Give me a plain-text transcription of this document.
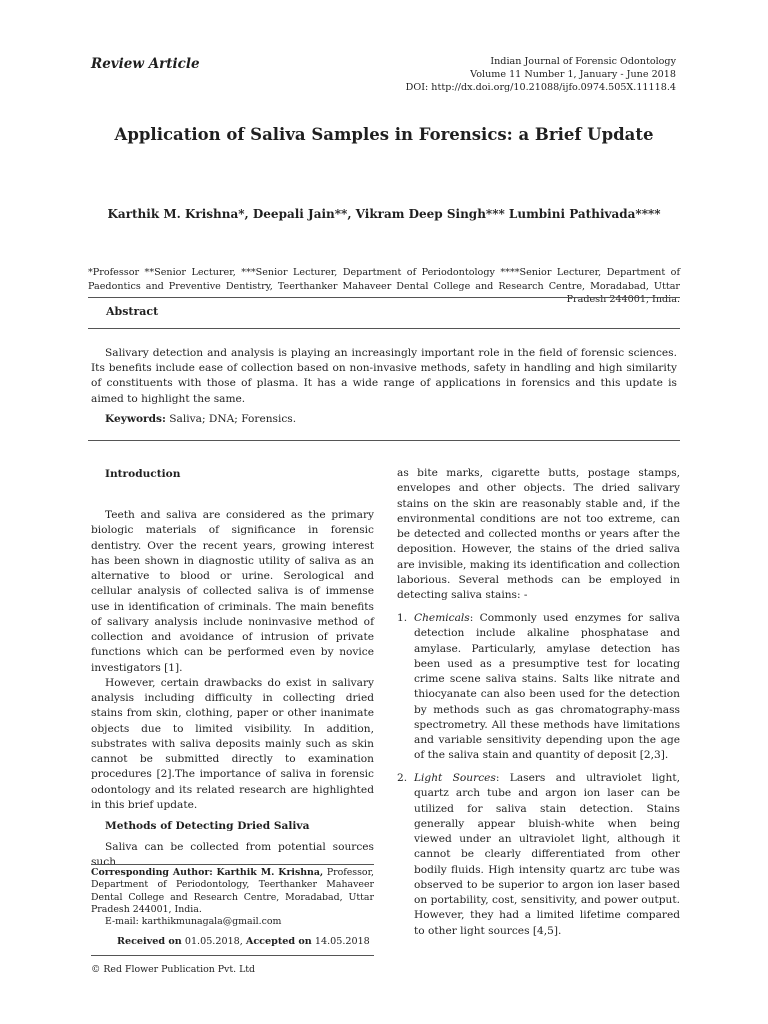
Review Article	Indian Journal of Forensic Odontology
Volume 11 Number 1, January - June 2018
DOI: http://dx.doi.org/10.21088/ijfo.0974.505X.11118.4
Application of Saliva Samples in Forensics: a Brief Update
Karthik M. Krishna*, Deepali Jain**, Vikram Deep Singh*** Lumbini Pathivada****
*Professor **Senior Lecturer, ***Senior Lecturer, Department of Periodontology ****Senior Lecturer, Department of Paedontics and Preventive Dentistry, Teerthanker Mahaveer Dental College and Research Centre, Moradabad, Uttar Pradesh 244001, India.
Abstract

Salivary detection and analysis is playing an increasingly important role in the field of forensic sciences. Its benefits include ease of collection based on non-invasive methods, safety in handling and high similarity of constituents with those of plasma. It has a wide range of applications in forensics and this update is aimed to highlight the same.

Keywords: Saliva; DNA; Forensics.
Introduction

Teeth and saliva are considered as the primary biologic materials of significance in forensic dentistry. Over the recent years, growing interest has been shown in diagnostic utility of saliva as an alternative to blood or urine. Serological and cellular analysis of collected saliva is of immense use in identification of criminals. The main benefits of salivary analysis include noninvasive method of collection and avoidance of intrusion of private functions which can be performed even by novice investigators [1].

However, certain drawbacks do exist in salivary analysis including difficulty in collecting dried stains from skin, clothing, paper or other inanimate objects due to limited visibility. In addition, substrates with saliva deposits mainly such as skin cannot be submitted directly to examination procedures [2].The importance of saliva in forensic odontology and its related research are highlighted in this brief update.

Methods of Detecting Dried Saliva

Saliva can be collected from potential sources such

Corresponding Author: Karthik M. Krishna, Professor, Department of Periodontology, Teerthanker Mahaveer Dental College and Research Centre, Moradabad, Uttar Pradesh 244001, India.

E-mail: karthikmunagala@gmail.com

Received on 01.05.2018, Accepted on 14.05.2018
© Red Flower Publication Pvt. Ltd

as bite marks, cigarette butts, postage stamps, envelopes and other objects. The dried salivary stains on the skin are reasonably stable and, if the environmental conditions are not too extreme, can be detected and collected months or years after the deposition. However, the stains of the dried saliva are invisible, making its identification and collection laborious. Several methods can be employed in detecting saliva stains: -

1. Chemicals: Commonly used enzymes for saliva detection include alkaline phosphatase and amylase. Particularly, amylase detection has been used as a presumptive test for locating crime scene saliva stains. Salts like nitrate and thiocyanate can also been used for the detection by methods such as gas chromatography-mass spectrometry. All these methods have limitations and variable sensitivity depending upon the age of the saliva stain and quantity of deposit [2,3].
2. Light Sources: Lasers and ultraviolet light, quartz arch tube and argon ion laser can be utilized for saliva stain detection. Stains generally appear bluish-white when being viewed under an ultraviolet light, although it cannot be clearly differentiated from other bodily fluids. High intensity quartz arc tube was observed to be superior to argon ion laser based on portability, cost, sensitivity, and power output. However, they had a limited lifetime compared to other light sources [4,5].
